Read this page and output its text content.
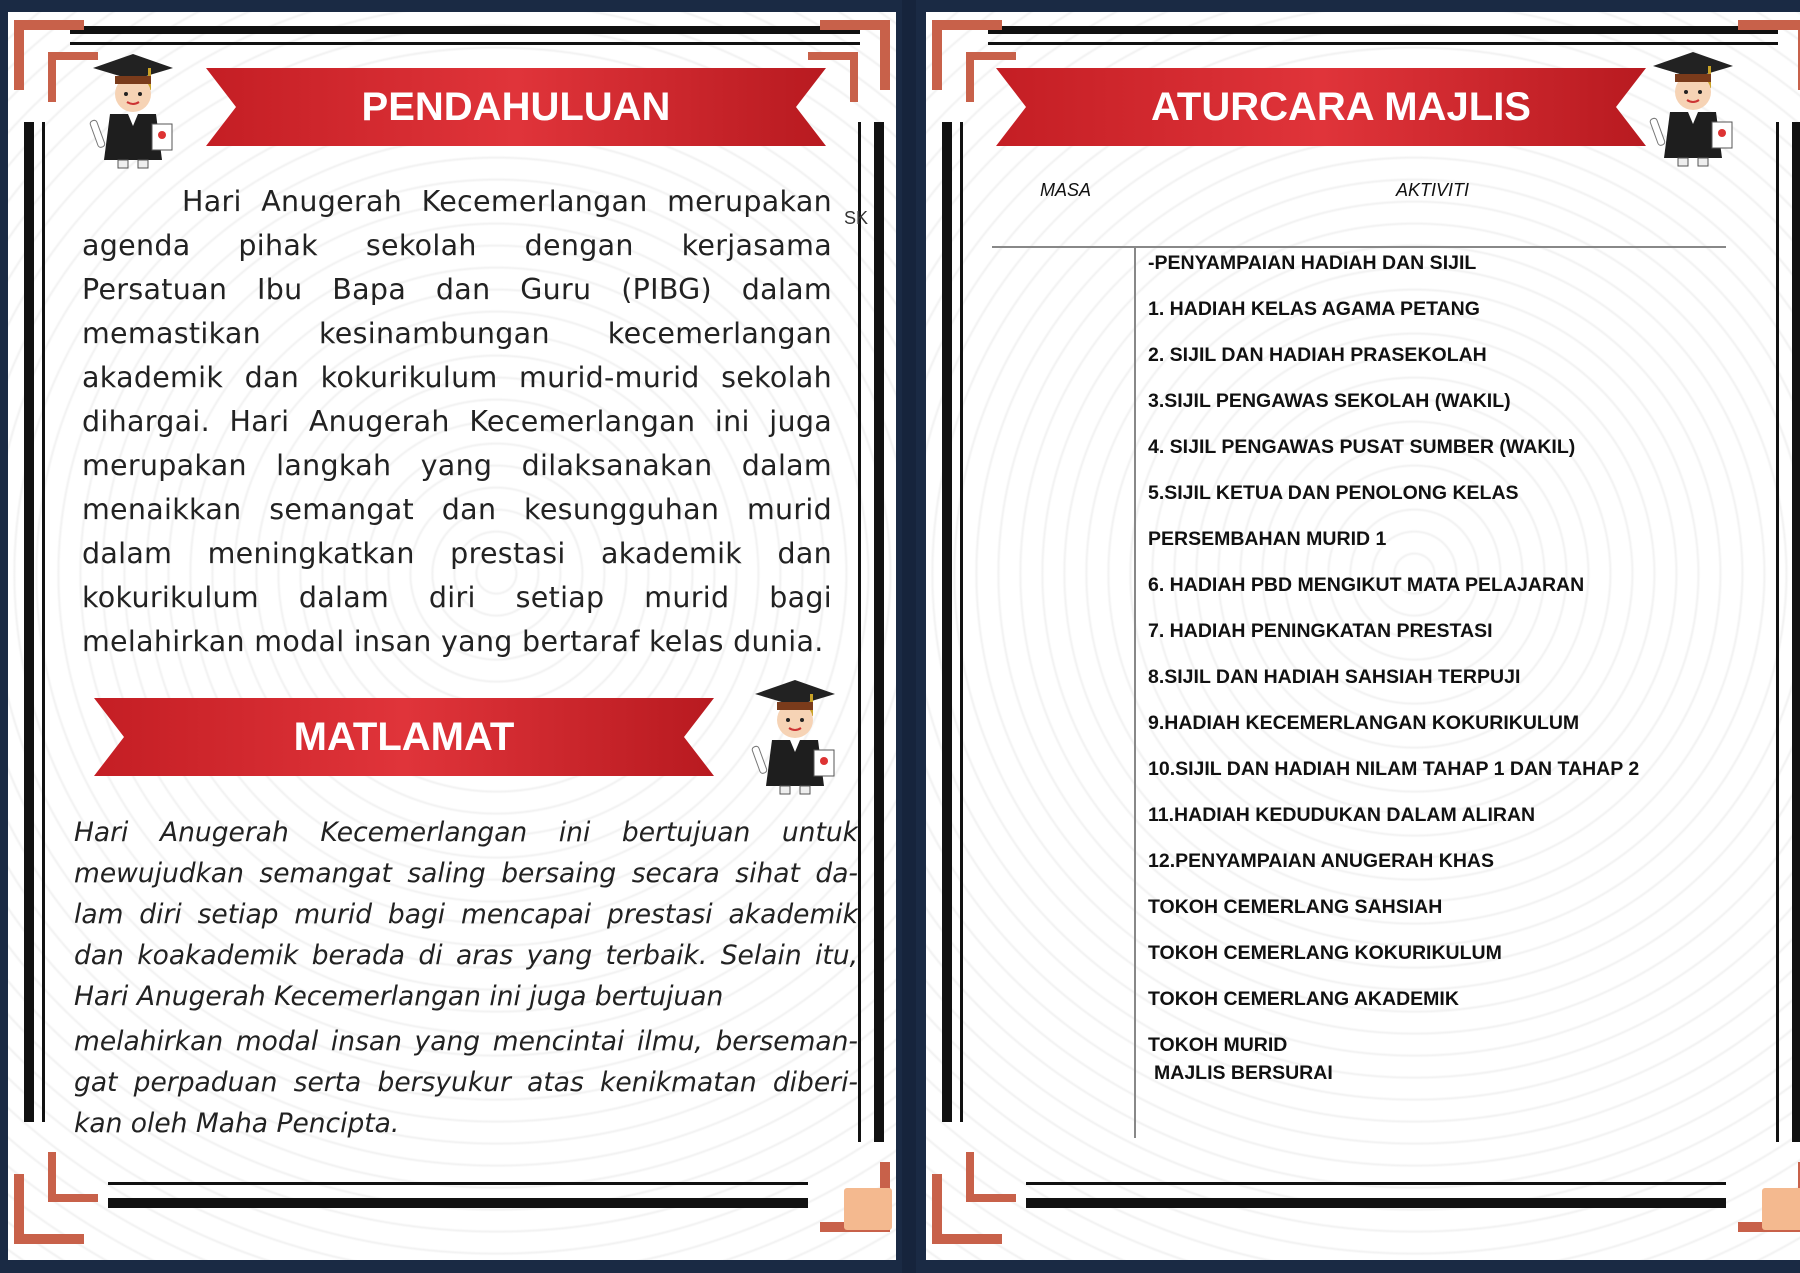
PENDAHULUAN
SK
Hari Anugerah Kecemerlangan merupakan
agenda pihak sekolah dengan kerjasama
Persatuan Ibu Bapa dan Guru (PIBG) dalam
memastikan kesinambungan kecemerlangan
akademik dan kokurikulum murid-murid sekolah
dihargai. Hari Anugerah Kecemerlangan ini juga
merupakan langkah yang dilaksanakan dalam
menaikkan semangat dan kesungguhan murid
dalam meningkatkan prestasi akademik dan
kokurikulum dalam diri setiap murid bagi
melahirkan modal insan yang bertaraf kelas dunia.
MATLAMAT
Hari Anugerah Kecemerlangan ini bertujuan untuk
mewujudkan semangat saling bersaing secara sihat da-
lam diri setiap murid bagi mencapai prestasi akademik
dan koakademik berada di aras yang terbaik. Selain itu,
Hari Anugerah Kecemerlangan ini juga bertujuan
melahirkan modal insan yang mencintai ilmu, berseman-
gat perpaduan serta bersyukur atas kenikmatan diberi-
kan oleh Maha Pencipta.
ATURCARA MAJLIS
MASA	AKTIVITI
-PENYAMPAIAN HADIAH DAN SIJIL
1. HADIAH KELAS AGAMA PETANG
2. SIJIL DAN HADIAH PRASEKOLAH
3.SIJIL PENGAWAS SEKOLAH (WAKIL)
4. SIJIL PENGAWAS PUSAT SUMBER (WAKIL)
5.SIJIL KETUA DAN PENOLONG KELAS
PERSEMBAHAN MURID 1
6. HADIAH PBD MENGIKUT MATA PELAJARAN
7. HADIAH PENINGKATAN PRESTASI
8.SIJIL DAN HADIAH SAHSIAH TERPUJI
9.HADIAH KECEMERLANGAN KOKURIKULUM
10.SIJIL DAN HADIAH NILAM TAHAP 1 DAN TAHAP 2
11.HADIAH KEDUDUKAN DALAM ALIRAN
12.PENYAMPAIAN ANUGERAH KHAS
TOKOH CEMERLANG SAHSIAH
TOKOH CEMERLANG KOKURIKULUM
TOKOH CEMERLANG AKADEMIK
TOKOH MURID
MAJLIS BERSURAI
